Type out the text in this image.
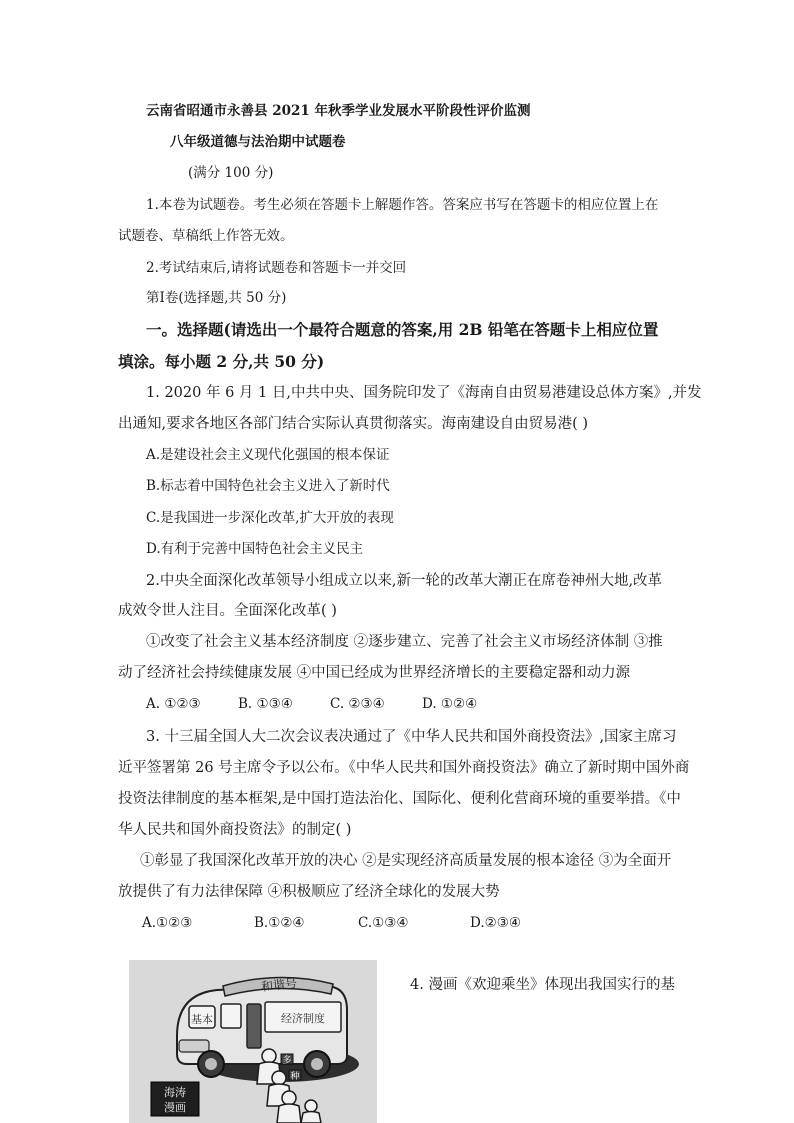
云南省昭通市永善县 2021 年秋季学业发展水平阶段性评价监测
八年级道德与法治期中试题卷
(满分 100 分)
1.本卷为试题卷。考生必须在答题卡上解题作答。答案应书写在答题卡的相应位置上在
试题卷、草稿纸上作答无效。
2.考试结束后,请将试题卷和答题卡一并交回
第Ⅰ卷(选择题,共 50 分)
一。选择题(请选出一个最符合题意的答案,用 2B 铅笔在答题卡上相应位置
填涂。每小题 2 分,共 50 分)
1. 2020 年 6 月 1 日,中共中央、国务院印发了《海南自由贸易港建设总体方案》,并发
出通知,要求各地区各部门结合实际认真贯彻落实。海南建设自由贸易港( )
A.是建设社会主义现代化强国的根本保证
B.标志着中国特色社会主义进入了新时代
C.是我国进一步深化改革,扩大开放的表现
D.有利于完善中国特色社会主义民主
2.中央全面深化改革领导小组成立以来,新一轮的改革大潮正在席卷神州大地,改革
成效令世人注目。全面深化改革( )
①改变了社会主义基本经济制度 ②逐步建立、完善了社会主义市场经济体制 ③推
动了经济社会持续健康发展 ④中国已经成为世界经济增长的主要稳定器和动力源
A. ①②③	B. ①③④	C. ②③④	D. ①②④
3. 十三届全国人大二次会议表决通过了《中华人民共和国外商投资法》,国家主席习
近平签署第 26 号主席令予以公布。《中华人民共和国外商投资法》确立了新时期中国外商
投资法律制度的基本框架,是中国打造法治化、国际化、便利化营商环境的重要举措。《中
华人民共和国外商投资法》的制定( )
①彰显了我国深化改革开放的决心 ②是实现经济高质量发展的根本途径 ③为全面开
放提供了有力法律保障 ④积极顺应了经济全球化的发展大势
A.①②③	B.①②④	C.①③④	D.②③④
4. 漫画《欢迎乘坐》体现出我国实行的基
和谐号
基本	经济制度
多
种
海涛
漫画
